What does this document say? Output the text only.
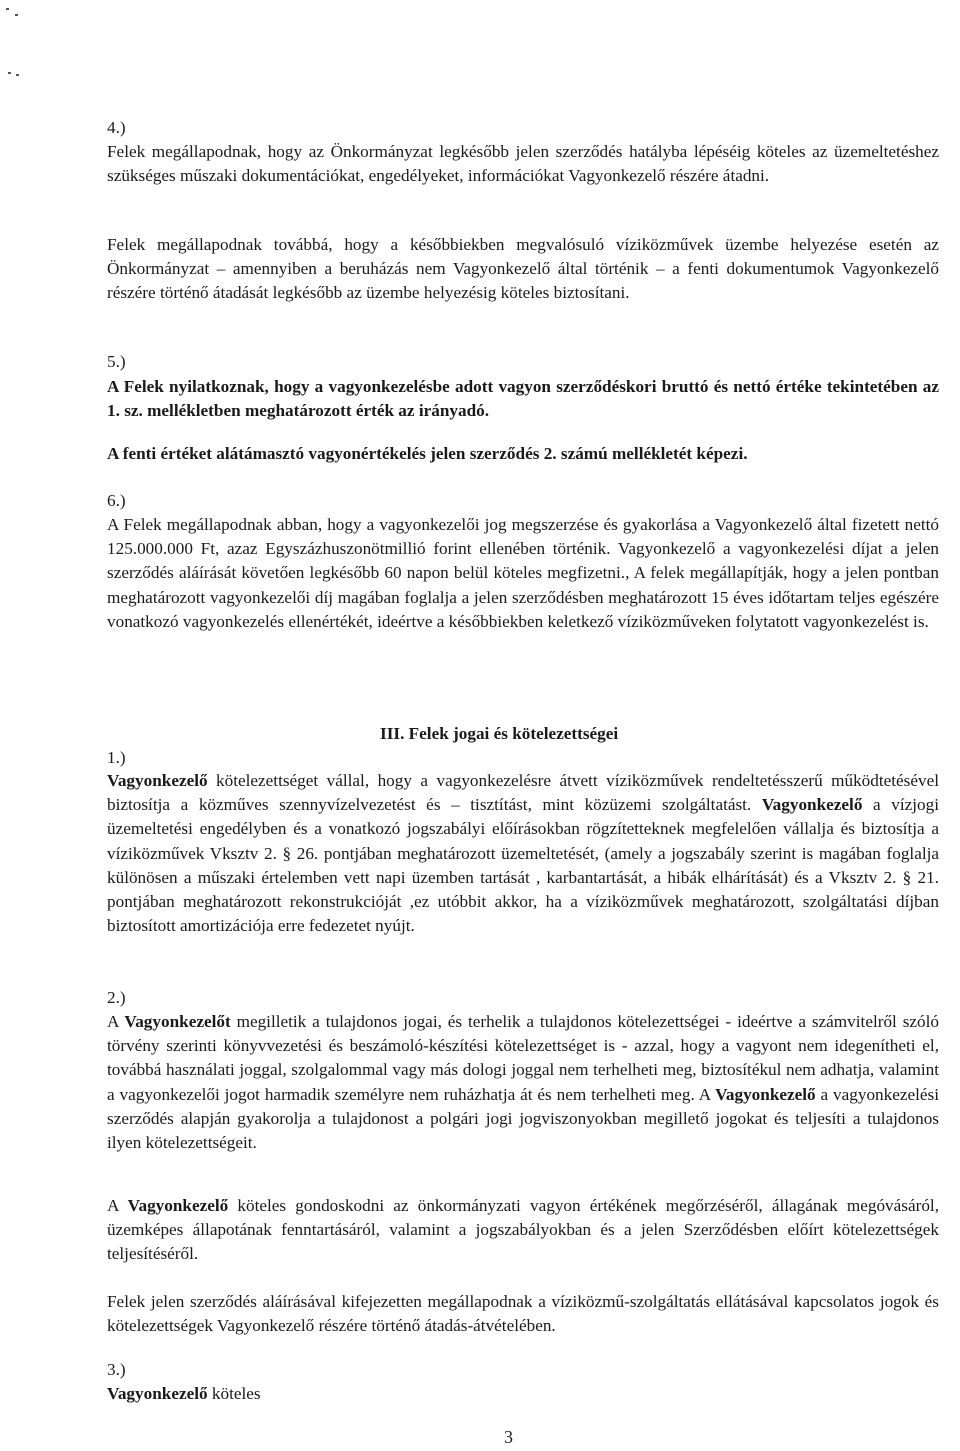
4.)

Felek megállapodnak, hogy az Önkormányzat legkésőbb jelen szerződés hatályba lépéséig köteles az üzemeltetéshez szükséges műszaki dokumentációkat, engedélyeket, információkat Vagyonkezelő részére átadni.

Felek megállapodnak továbbá, hogy a későbbiekben megvalósuló víziközművek üzembe helyezése esetén az Önkormányzat – amennyiben a beruházás nem Vagyonkezelő által történik – a fenti dokumentumok Vagyonkezelő részére történő átadását legkésőbb az üzembe helyezésig köteles biztosítani.

5.)

A Felek nyilatkoznak, hogy a vagyonkezelésbe adott vagyon szerződéskori bruttó és nettó értéke tekintetében az 1. sz. mellékletben meghatározott érték az irányadó.

A fenti értéket alátámasztó vagyonértékelés jelen szerződés 2. számú mellékletét képezi.

6.)

A Felek megállapodnak abban, hogy a vagyonkezelői jog megszerzése és gyakorlása a Vagyonkezelő által fizetett nettó 125.000.000 Ft, azaz Egyszázhuszonötmillió forint ellenében történik. Vagyonkezelő a vagyonkezelési díjat a jelen szerződés aláírását követően legkésőbb 60 napon belül köteles megfizetni., A felek megállapítják, hogy a jelen pontban meghatározott vagyonkezelői díj magában foglalja a jelen szerződésben meghatározott 15 éves időtartam teljes egészére vonatkozó vagyonkezelés ellenértékét, ideértve a későbbiekben keletkező víziközműveken folytatott vagyonkezelést is.

III. Felek jogai és kötelezettségei
1.)

Vagyonkezelő kötelezettséget vállal, hogy a vagyonkezelésre átvett víziközművek rendeltetésszerű működtetésével biztosítja a közműves szennyvízelvezetést és – tisztítást, mint közüzemi szolgáltatást. Vagyonkezelő a vízjogi üzemeltetési engedélyben és a vonatkozó jogszabályi előírásokban rögzítetteknek megfelelően vállalja és biztosítja a víziközművek Vksztv 2. § 26. pontjában meghatározott üzemeltetését, (amely a jogszabály szerint is magában foglalja különösen a műszaki értelemben vett napi üzemben tartását , karbantartását, a hibák elhárítását) és a Vksztv 2. § 21. pontjában meghatározott rekonstrukcióját ,ez utóbbit akkor, ha a víziközművek meghatározott, szolgáltatási díjban biztosított amortizációja erre fedezetet nyújt.

2.)

A Vagyonkezelőt megilletik a tulajdonos jogai, és terhelik a tulajdonos kötelezettségei - ideértve a számvitelről szóló törvény szerinti könyvvezetési és beszámoló-készítési kötelezettséget is - azzal, hogy a vagyont nem idegenítheti el, továbbá használati joggal, szolgalommal vagy más dologi joggal nem terhelheti meg, biztosítékul nem adhatja, valamint a vagyonkezelői jogot harmadik személyre nem ruházhatja át és nem terhelheti meg. A Vagyonkezelő a vagyonkezelési szerződés alapján gyakorolja a tulajdonost a polgári jogi jogviszonyokban megillető jogokat és teljesíti a tulajdonos ilyen kötelezettségeit.

A Vagyonkezelő köteles gondoskodni az önkormányzati vagyon értékének megőrzéséről, állagának megóvásáról, üzemképes állapotának fenntartásáról, valamint a jogszabályokban és a jelen Szerződésben előírt kötelezettségek teljesítéséről.

Felek jelen szerződés aláírásával kifejezetten megállapodnak a víziközmű-szolgáltatás ellátásával kapcsolatos jogok és kötelezettségek Vagyonkezelő részére történő átadás-átvételében.

3.)

Vagyonkezelő köteles

3
